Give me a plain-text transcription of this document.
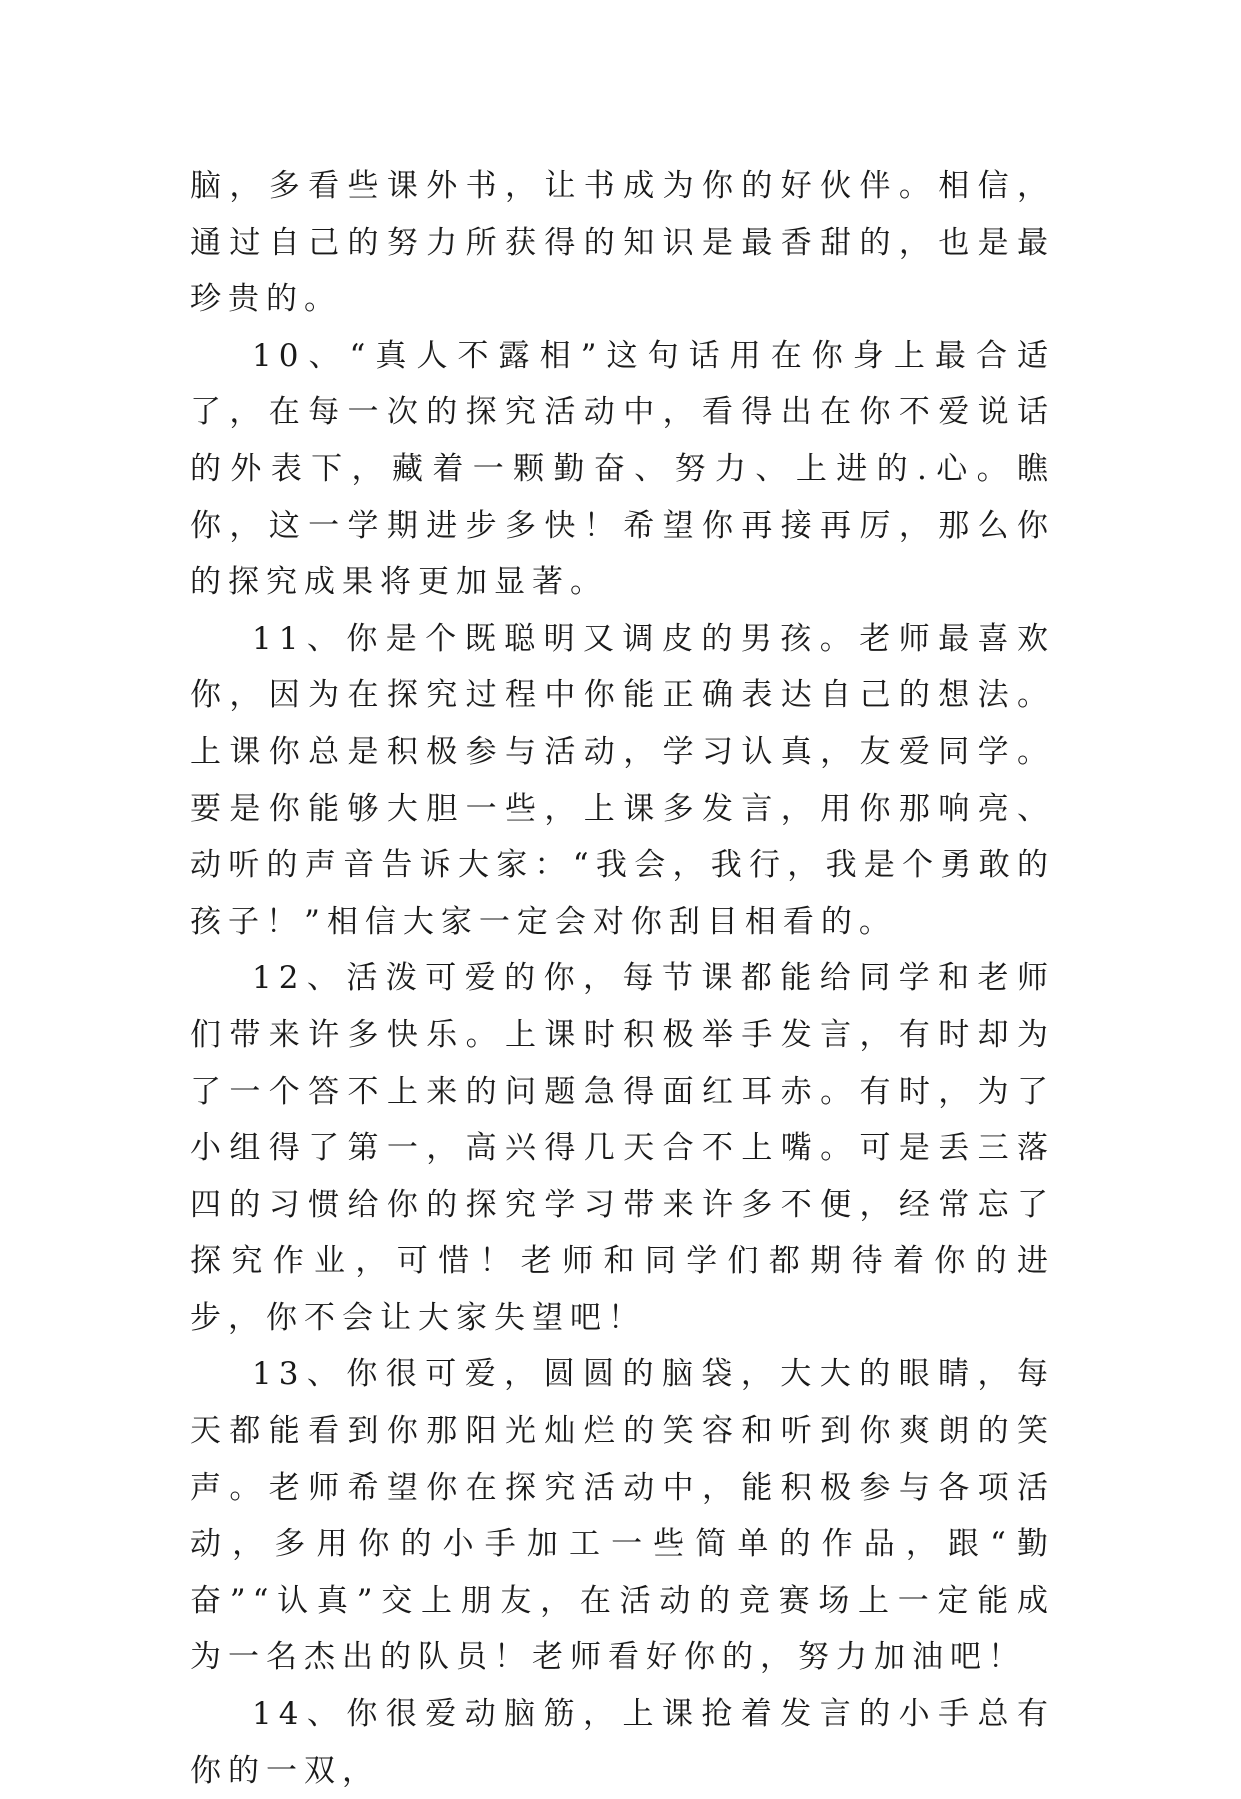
脑，多看些课外书，让书成为你的好伙伴。相信，通过自己的努力所获得的知识是最香甜的，也是最珍贵的。

10、“真人不露相”这句话用在你身上最合适了，在每一次的探究活动中，看得出在你不爱说话的外表下，藏着一颗勤奋、努力、上进的.心。瞧你，这一学期进步多快！希望你再接再厉，那么你的探究成果将更加显著。

11、你是个既聪明又调皮的男孩。老师最喜欢你，因为在探究过程中你能正确表达自己的想法。上课你总是积极参与活动，学习认真，友爱同学。要是你能够大胆一些，上课多发言，用你那响亮、动听的声音告诉大家：“我会，我行，我是个勇敢的孩子！”相信大家一定会对你刮目相看的。

12、活泼可爱的你，每节课都能给同学和老师们带来许多快乐。上课时积极举手发言，有时却为了一个答不上来的问题急得面红耳赤。有时，为了小组得了第一，高兴得几天合不上嘴。可是丢三落四的习惯给你的探究学习带来许多不便，经常忘了探究作业，可惜！老师和同学们都期待着你的进步，你不会让大家失望吧！

13、你很可爱，圆圆的脑袋，大大的眼睛，每天都能看到你那阳光灿烂的笑容和听到你爽朗的笑声。老师希望你在探究活动中，能积极参与各项活动，多用你的小手加工一些简单的作品，跟“勤奋”“认真”交上朋友，在活动的竞赛场上一定能成为一名杰出的队员！老师看好你的，努力加油吧！

14、你很爱动脑筋，上课抢着发言的小手总有你的一双，
